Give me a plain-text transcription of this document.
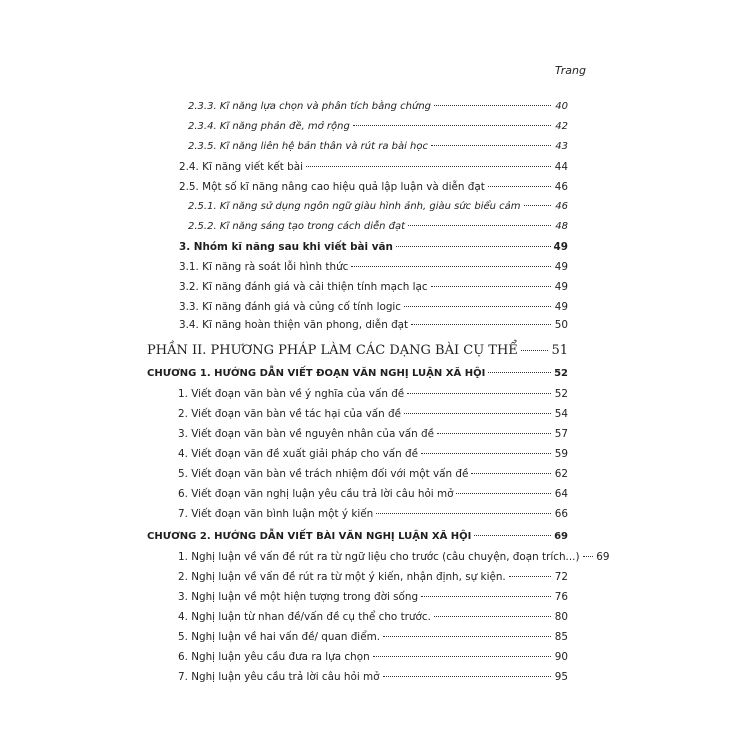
Trang
2.3.3. Kĩ năng lựa chọn và phân tích bằng chứng	40
2.3.4. Kĩ năng phản đề, mở rộng	42
2.3.5. Kĩ năng liên hệ bản thân và rút ra bài học	43
2.4. Kĩ năng viết kết bài	44
2.5. Một số kĩ năng nâng cao hiệu quả lập luận và diễn đạt	46
2.5.1. Kĩ năng sử dụng ngôn ngữ giàu hình ảnh, giàu sức biểu cảm	46
2.5.2. Kĩ năng sáng tạo trong cách diễn đạt	48
3. Nhóm kĩ năng sau khi viết bài văn	49
3.1. Kĩ năng rà soát lỗi hình thức	49
3.2. Kĩ năng đánh giá và cải thiện tính mạch lạc	49
3.3. Kĩ năng đánh giá và củng cố tính logic	49
3.4. Kĩ năng hoàn thiện văn phong, diễn đạt	50
PHẦN II. PHƯƠNG PHÁP LÀM CÁC DẠNG BÀI CỤ THỂ	51
CHƯƠNG 1. HƯỚNG DẪN VIẾT ĐOẠN VĂN NGHỊ LUẬN XÃ HỘI	52
1. Viết đoạn văn bàn về ý nghĩa của vấn đề	52
2. Viết đoạn văn bàn về tác hại của vấn đề	54
3. Viết đoạn văn bàn về nguyên nhân của vấn đề	57
4. Viết đoạn văn đề xuất giải pháp cho vấn đề	59
5. Viết đoạn văn bàn về trách nhiệm đối với một vấn đề	62
6. Viết đoạn văn nghị luận yêu cầu trả lời câu hỏi mở	64
7. Viết đoạn văn bình luận một ý kiến	66
CHƯƠNG 2. HƯỚNG DẪN VIẾT BÀI VĂN NGHỊ LUẬN XÃ HỘI	69
1. Nghị luận về vấn đề rút ra từ ngữ liệu cho trước (câu chuyện, đoạn trích...) 69
2. Nghị luận về vấn đề rút ra từ một ý kiến, nhận định, sự kiện.	72
3. Nghị luận về một hiện tượng trong đời sống	76
4. Nghị luận từ nhan đề/vấn đề cụ thể cho trước.	80
5. Nghị luận về hai vấn đề/ quan điểm.	85
6. Nghị luận yêu cầu đưa ra lựa chọn	90
7. Nghị luận yêu cầu trả lời câu hỏi mở	95
